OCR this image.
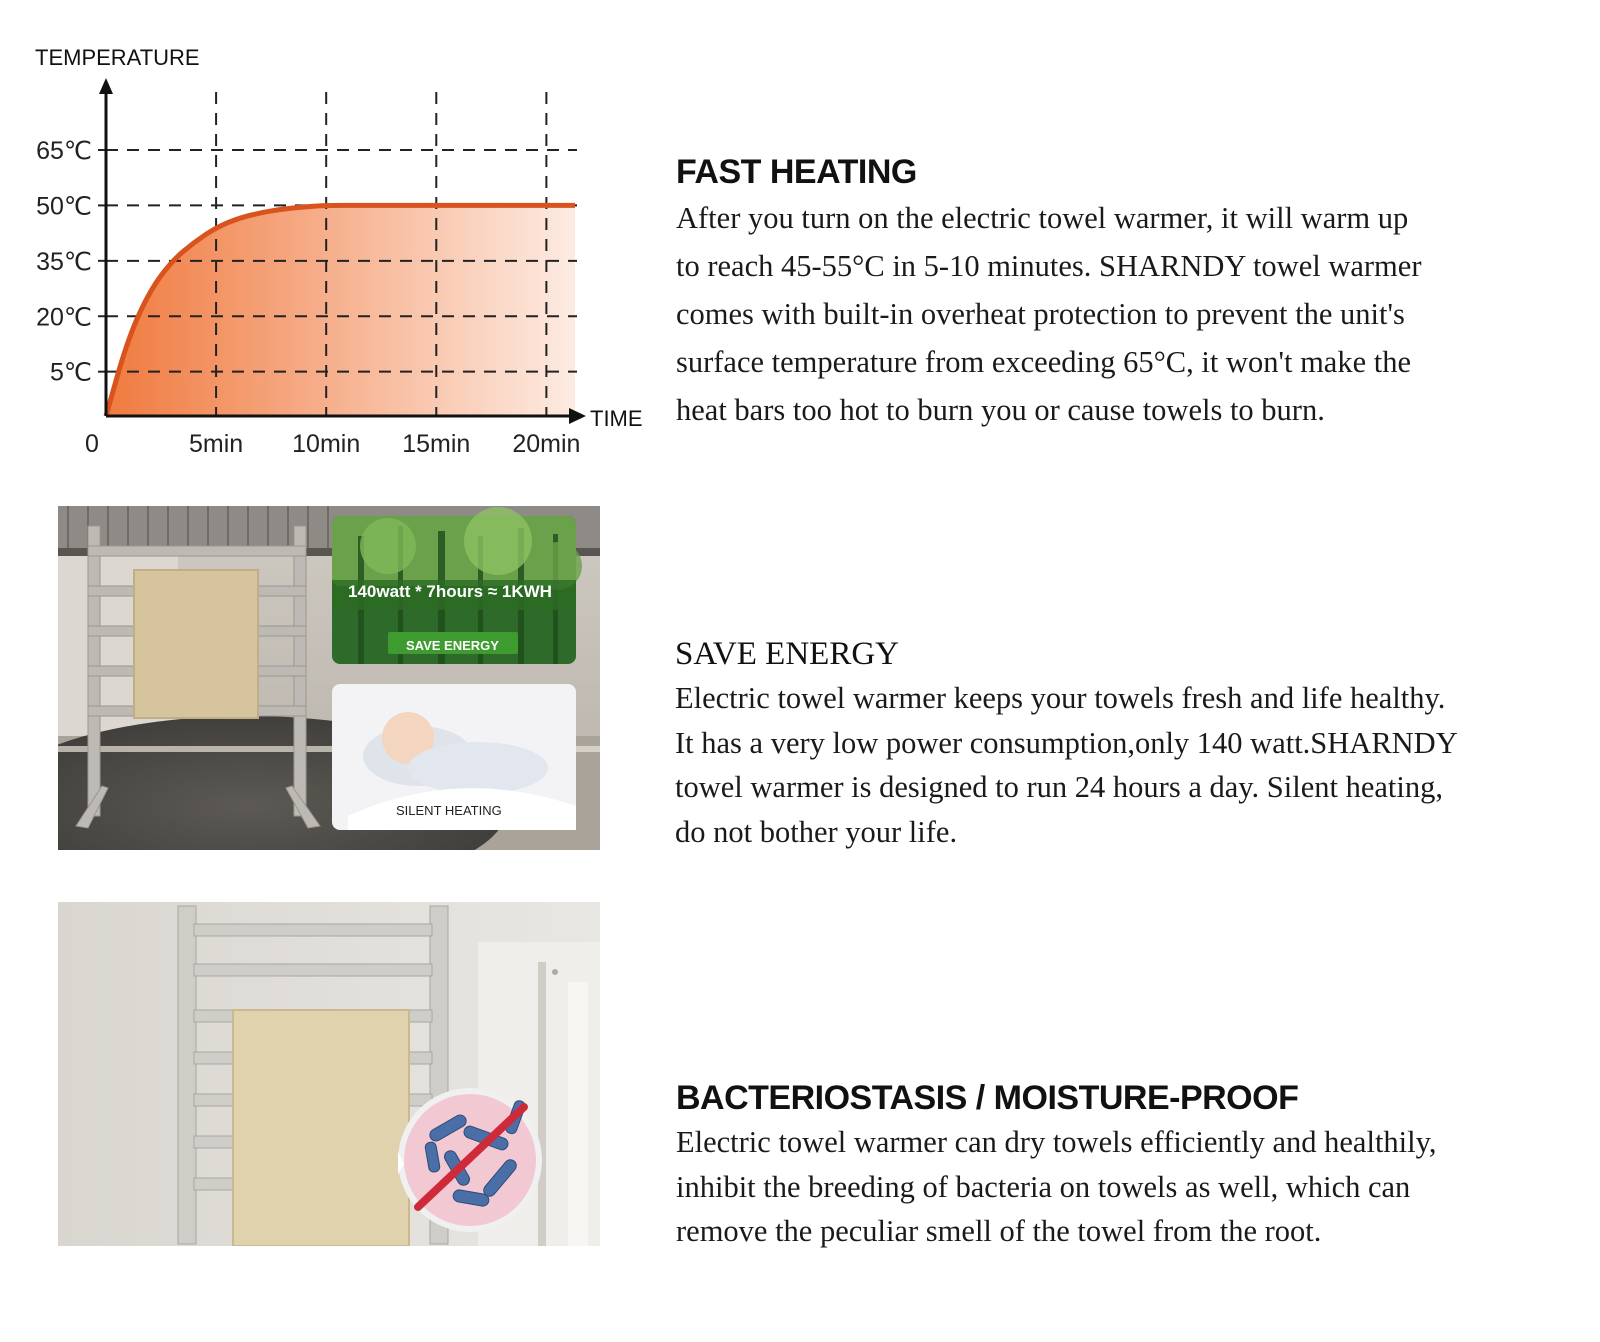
5℃
20℃
35℃
50℃
65℃
0	5min 10min 15min 20min
TEMPERATURE
TIME
FAST HEATING
After you turn on the electric towel warmer, it will warm up
to reach 45-55°C in 5-10 minutes. SHARNDY towel warmer
comes with built-in overheat protection to prevent the unit's
surface temperature from exceeding 65°C, it won't make the
heat bars too hot to burn you or cause towels to burn.
140watt * 7hours ≈ 1KWH
SAVE ENERGY
SILENT HEATING
SAVE ENERGY
Electric towel warmer keeps your towels fresh and life healthy.
It has a very low power consumption,only 140 watt.SHARNDY
towel warmer is designed to run 24 hours a day. Silent heating,
do not bother your life.
BACTERIOSTASIS / MOISTURE-PROOF
Electric towel warmer can dry towels efficiently and healthily,
inhibit the breeding of bacteria on towels as well, which can
remove the peculiar smell of the towel from the root.
